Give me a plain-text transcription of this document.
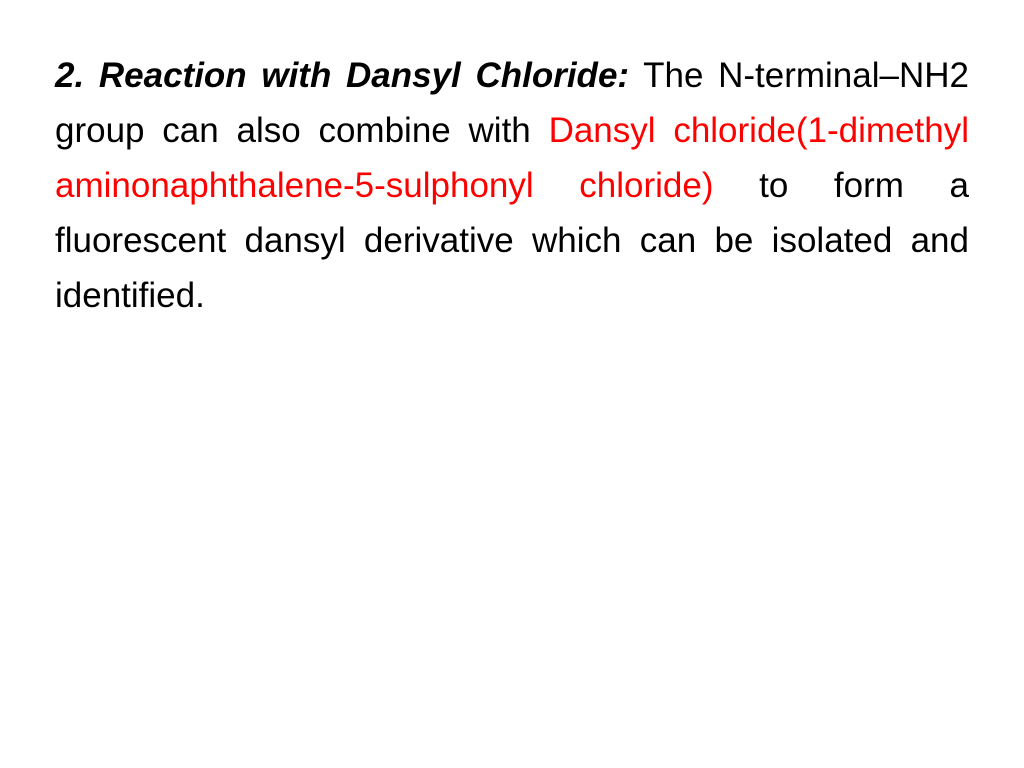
2. Reaction with Dansyl Chloride: The N-terminal–NH2 group can also combine with Dansyl chloride(1-dimethyl aminonaphthalene-5-sulphonyl chloride) to form a fluorescent dansyl derivative which can be isolated and identified.
